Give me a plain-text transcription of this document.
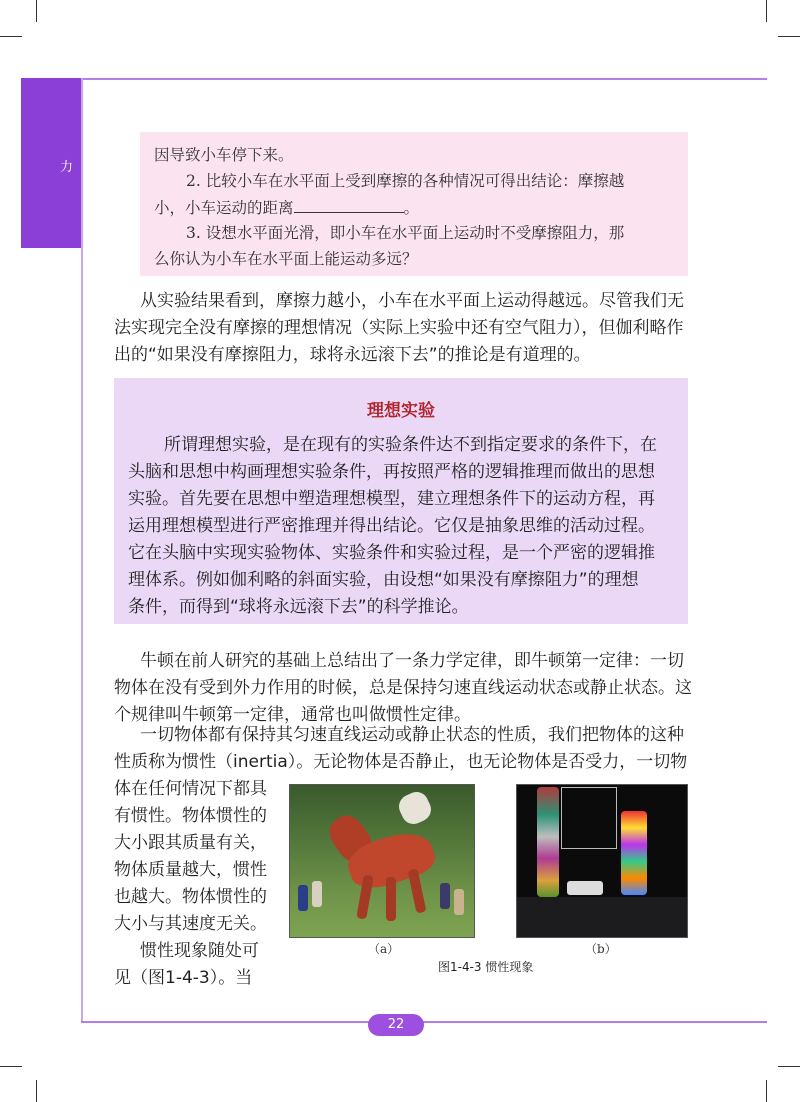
力

因导致小车停下来。

2. 比较小车在水平面上受到摩擦的各种情况可得出结论：摩擦越

小，小车运动的距离	。

3. 设想水平面光滑，即小车在水平面上运动时不受摩擦阻力，那

么你认为小车在水平面上能运动多远？

从实验结果看到，摩擦力越小，小车在水平面上运动得越远。尽管我们无
法实现完全没有摩擦的理想情况（实际上实验中还有空气阻力），但伽利略作
出的“如果没有摩擦阻力，球将永远滚下去”的推论是有道理的。
理想实验
所谓理想实验，是在现有的实验条件达不到指定要求的条件下，在
头脑和思想中构画理想实验条件，再按照严格的逻辑推理而做出的思想
实验。首先要在思想中塑造理想模型，建立理想条件下的运动方程，再
运用理想模型进行严密推理并得出结论。它仅是抽象思维的活动过程。
它在头脑中实现实验物体、实验条件和实验过程，是一个严密的逻辑推
理体系。例如伽利略的斜面实验，由设想“如果没有摩擦阻力”的理想
条件，而得到“球将永远滚下去”的科学推论。
牛顿在前人研究的基础上总结出了一条力学定律，即牛顿第一定律：一切
物体在没有受到外力作用的时候，总是保持匀速直线运动状态或静止状态。这
个规律叫牛顿第一定律，通常也叫做惯性定律。
一切物体都有保持其匀速直线运动或静止状态的性质，我们把物体的这种
性质称为惯性（inertia）。无论物体是否静止，也无论物体是否受力，一切物
体在任何情况下都具
有惯性。物体惯性的
大小跟其质量有关，
物体质量越大，惯性
也越大。物体惯性的
大小与其速度无关。
惯性现象随处可
见（图1-4-3）。当
（a）	（b）
图1-4-3 惯性现象
22
